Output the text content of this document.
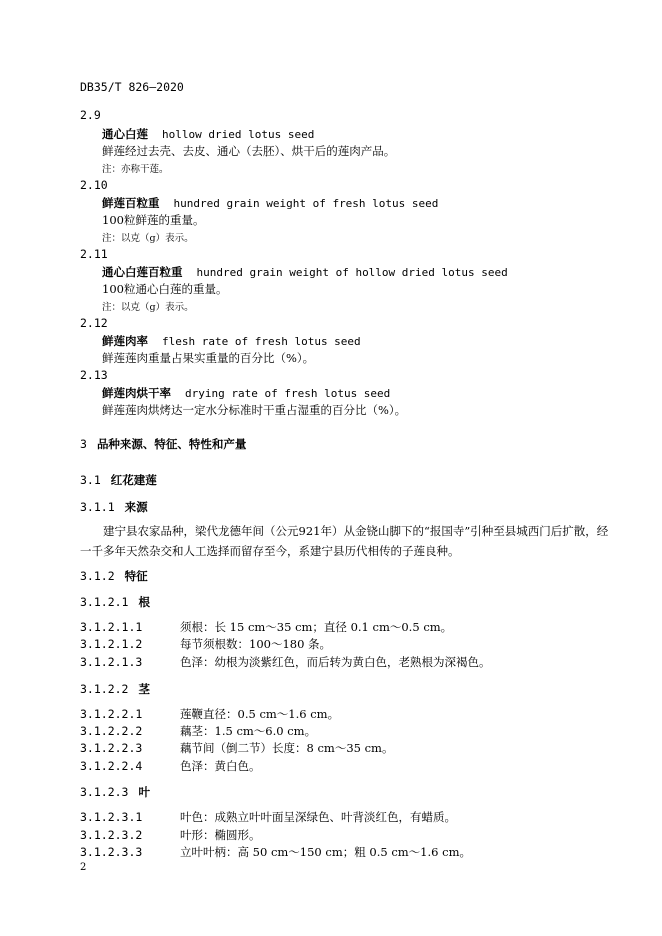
DB35/T 826—2020
2.9
通心白莲 hollow dried lotus seed
鲜莲经过去壳、去皮、通心（去胚）、烘干后的莲肉产品。
注：亦称干莲。
2.10
鲜莲百粒重 hundred grain weight of fresh lotus seed
100粒鲜莲的重量。
注：以克（g）表示。
2.11
通心白莲百粒重 hundred grain weight of hollow dried lotus seed
100粒通心白莲的重量。
注：以克（g）表示。
2.12
鲜莲肉率 flesh rate of fresh lotus seed
鲜莲莲肉重量占果实重量的百分比（%）。
2.13
鲜莲肉烘干率 drying rate of fresh lotus seed
鲜莲莲肉烘烤达一定水分标准时干重占湿重的百分比（%）。
3 品种来源、特征、特性和产量
3.1 红花建莲
3.1.1 来源
建宁县农家品种，梁代龙德年间（公元921年）从金铙山脚下的“报国寺”引种至县城西门后扩散，经一千多年天然杂交和人工选择而留存至今，系建宁县历代相传的子莲良种。
3.1.2 特征
3.1.2.1 根
3.1.2.1.1	须根：长 15 cm～35 cm；直径 0.1 cm～0.5 cm。
3.1.2.1.2	每节须根数：100～180 条。
3.1.2.1.3	色泽：幼根为淡紫红色，而后转为黄白色，老熟根为深褐色。
3.1.2.2 茎
3.1.2.2.1	莲鞭直径：0.5 cm～1.6 cm。
3.1.2.2.2	藕茎：1.5 cm～6.0 cm。
3.1.2.2.3	藕节间（倒二节）长度：8 cm～35 cm。
3.1.2.2.4	色泽：黄白色。
3.1.2.3 叶
3.1.2.3.1	叶色：成熟立叶叶面呈深绿色、叶背淡红色，有蜡质。
3.1.2.3.2	叶形：椭圆形。
3.1.2.3.3	立叶叶柄：高 50 cm～150 cm；粗 0.5 cm～1.6 cm。
2
